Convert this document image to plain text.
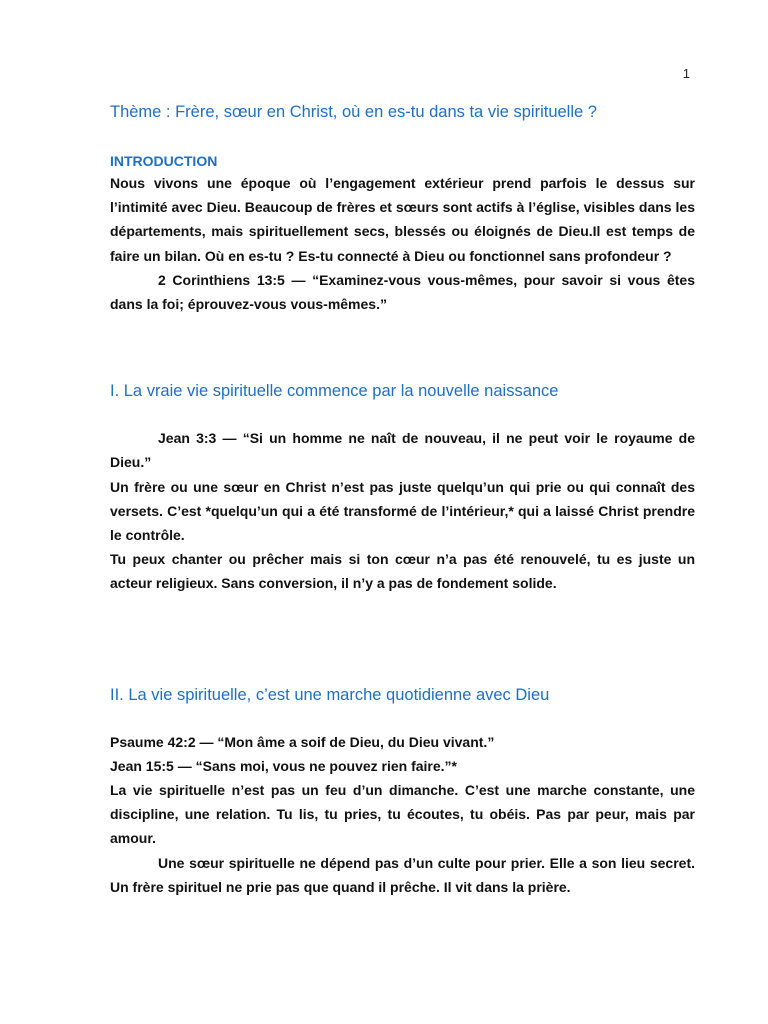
1
Thème : Frère, sœur en Christ, où en es-tu dans ta vie spirituelle ?
INTRODUCTION

Nous vivons une époque où l’engagement extérieur prend parfois le dessus sur l’intimité avec Dieu. Beaucoup de frères et sœurs sont actifs à l’église, visibles dans les départements, mais spirituellement secs, blessés ou éloignés de Dieu.Il est temps de faire un bilan. Où en es-tu ? Es-tu connecté à Dieu ou fonctionnel sans profondeur ?

2 Corinthiens 13:5 — “Examinez-vous vous-mêmes, pour savoir si vous êtes dans la foi; éprouvez-vous vous-mêmes.”

I. La vraie vie spirituelle commence par la nouvelle naissance

Jean 3:3 — “Si un homme ne naît de nouveau, il ne peut voir le royaume de Dieu.”

Un frère ou une sœur en Christ n’est pas juste quelqu’un qui prie ou qui connaît des versets. C’est *quelqu’un qui a été transformé de l’intérieur,* qui a laissé Christ prendre le contrôle.

Tu peux chanter ou prêcher mais si ton cœur n’a pas été renouvelé, tu es juste un acteur religieux. Sans conversion, il n’y a pas de fondement solide.

II. La vie spirituelle, c’est une marche quotidienne avec Dieu

Psaume 42:2 — “Mon âme a soif de Dieu, du Dieu vivant.”

Jean 15:5 — “Sans moi, vous ne pouvez rien faire.”*

La vie spirituelle n’est pas un feu d’un dimanche. C’est une marche constante, une discipline, une relation. Tu lis, tu pries, tu écoutes, tu obéis. Pas par peur, mais par amour.

Une sœur spirituelle ne dépend pas d’un culte pour prier. Elle a son lieu secret. Un frère spirituel ne prie pas que quand il prêche. Il vit dans la prière.
